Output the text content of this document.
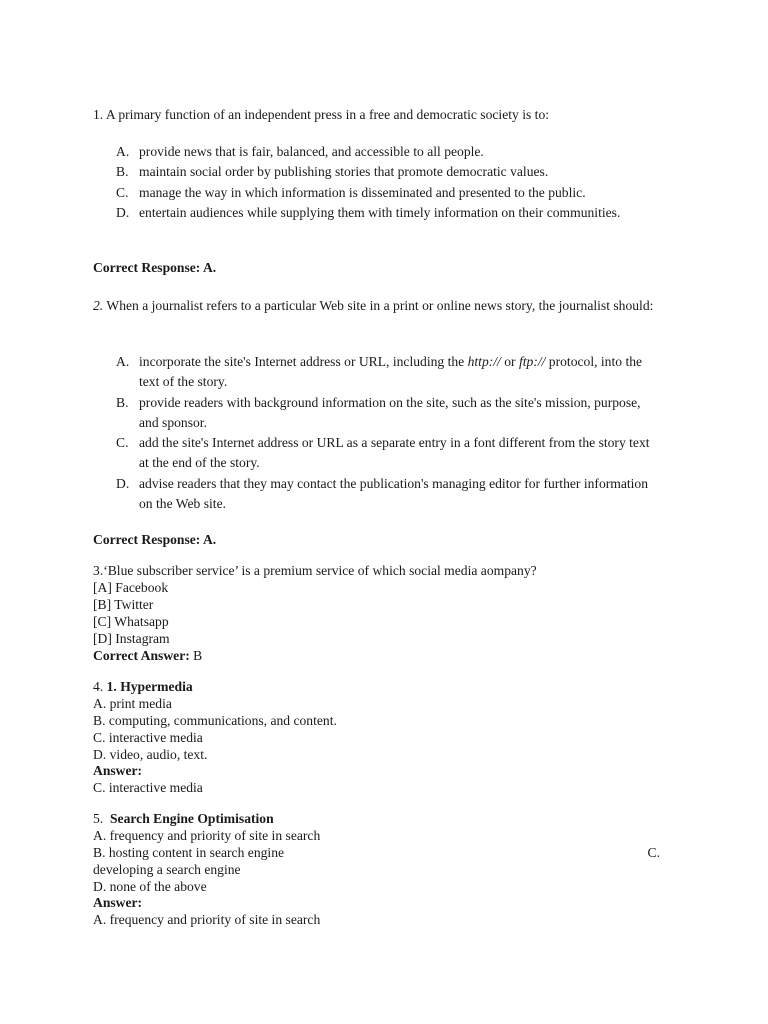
1. A primary function of an independent press in a free and democratic society is to:
A. provide news that is fair, balanced, and accessible to all people.
B. maintain social order by publishing stories that promote democratic values.
C. manage the way in which information is disseminated and presented to the public.
D. entertain audiences while supplying them with timely information on their communities.
Correct Response: A.
2. When a journalist refers to a particular Web site in a print or online news story, the journalist should:
A. incorporate the site's Internet address or URL, including the http:// or ftp:// protocol, into the text of the story.
B. provide readers with background information on the site, such as the site's mission, purpose, and sponsor.
C. add the site's Internet address or URL as a separate entry in a font different from the story text at the end of the story.
D. advise readers that they may contact the publication's managing editor for further information on the Web site.
Correct Response: A.
3.‘Blue subscriber service’ is a premium service of which social media aompany?
[A] Facebook
[B] Twitter
[C] Whatsapp
[D] Instagram
Correct Answer: B
4. 1. Hypermedia
A. print media
B. computing, communications, and content.
C. interactive media
D. video, audio, text.
Answer:
C. interactive media
5.  Search Engine Optimisation
A. frequency and priority of site in search
B. hosting content in search engine	C.
developing a search engine
D. none of the above
Answer:
A. frequency and priority of site in search
